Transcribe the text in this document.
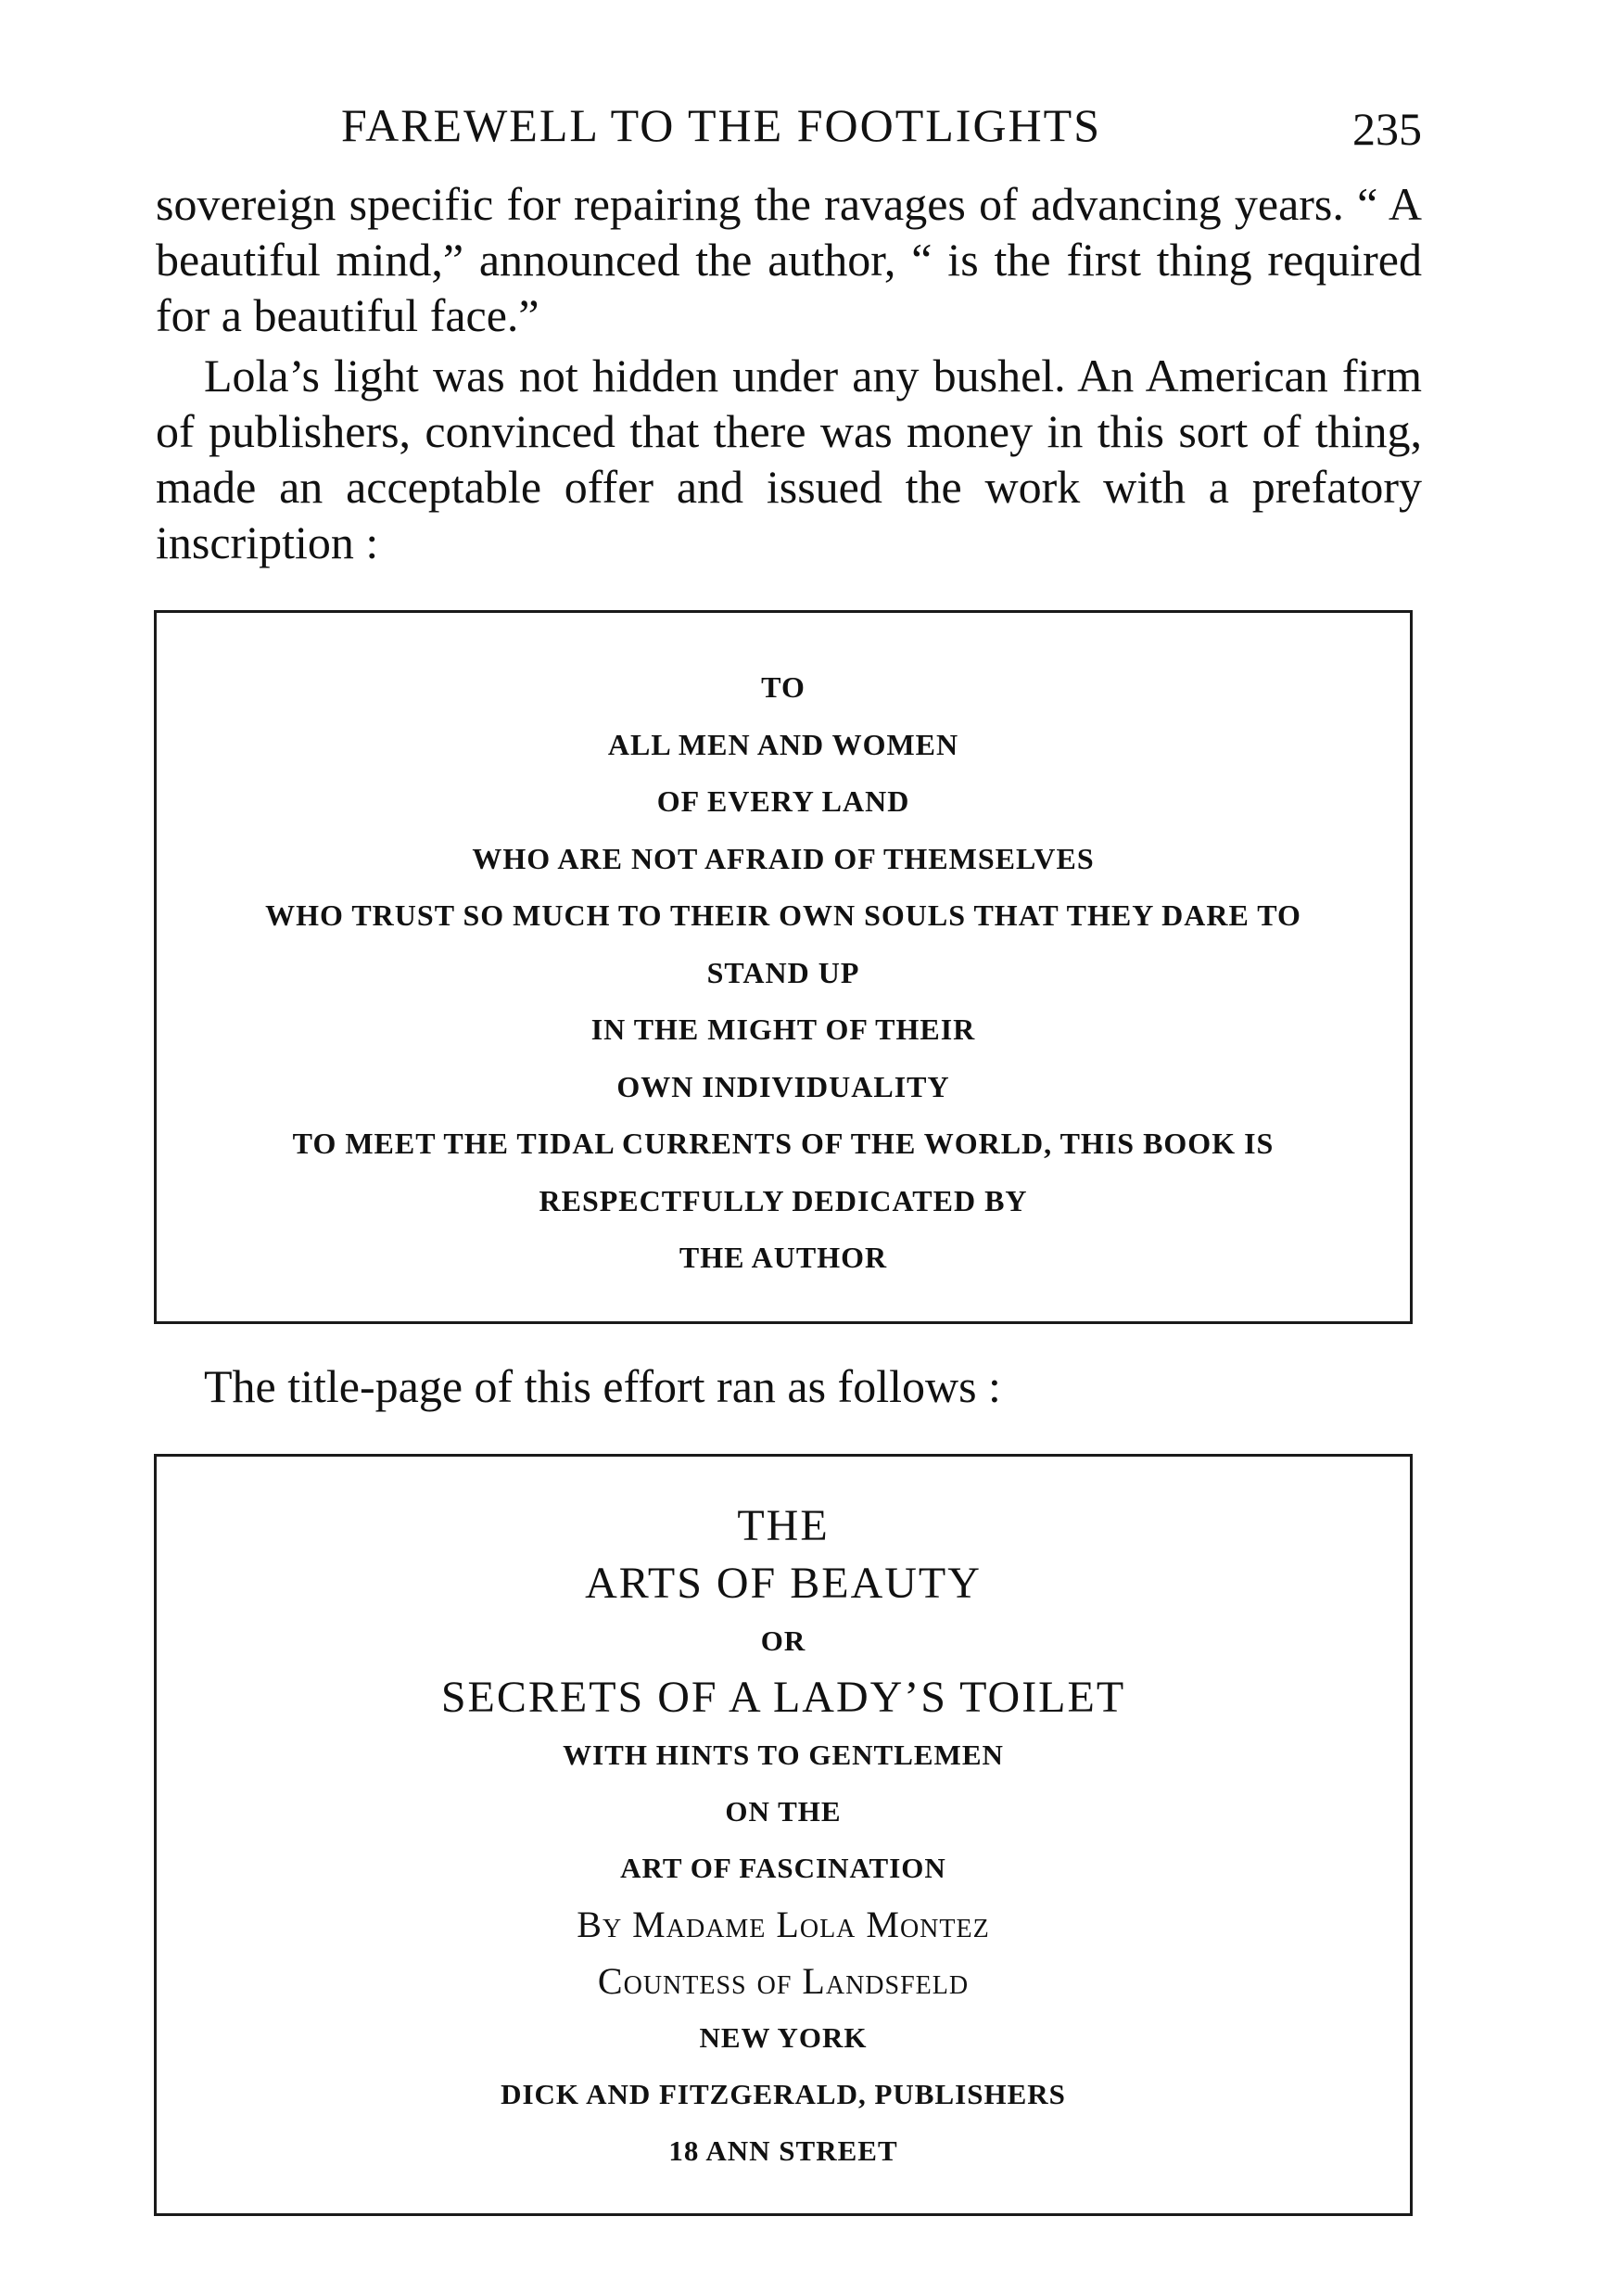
FAREWELL TO THE FOOTLIGHTS	235

sovereign specific for repairing the ravages of advancing years. “ A beautiful mind,” announced the author, “ is the first thing required for a beautiful face.”

Lola’s light was not hidden under any bushel. An American firm of publishers, convinced that there was money in this sort of thing, made an acceptable offer and issued the work with a prefatory inscription :

TO
ALL MEN AND WOMEN
OF EVERY LAND
WHO ARE NOT AFRAID OF THEMSELVES
WHO TRUST SO MUCH TO THEIR OWN SOULS THAT THEY DARE TO
STAND UP
IN THE MIGHT OF THEIR
OWN INDIVIDUALITY
TO MEET THE TIDAL CURRENTS OF THE WORLD, THIS BOOK IS
RESPECTFULLY DEDICATED BY
THE AUTHOR

The title-page of this effort ran as follows :

THE
ARTS OF BEAUTY
OR
SECRETS OF A LADY’S TOILET
WITH HINTS TO GENTLEMEN
ON THE
ART OF FASCINATION
By Madame Lola Montez
Countess of Landsfeld
NEW YORK
DICK AND FITZGERALD, PUBLISHERS
18 ANN STREET
